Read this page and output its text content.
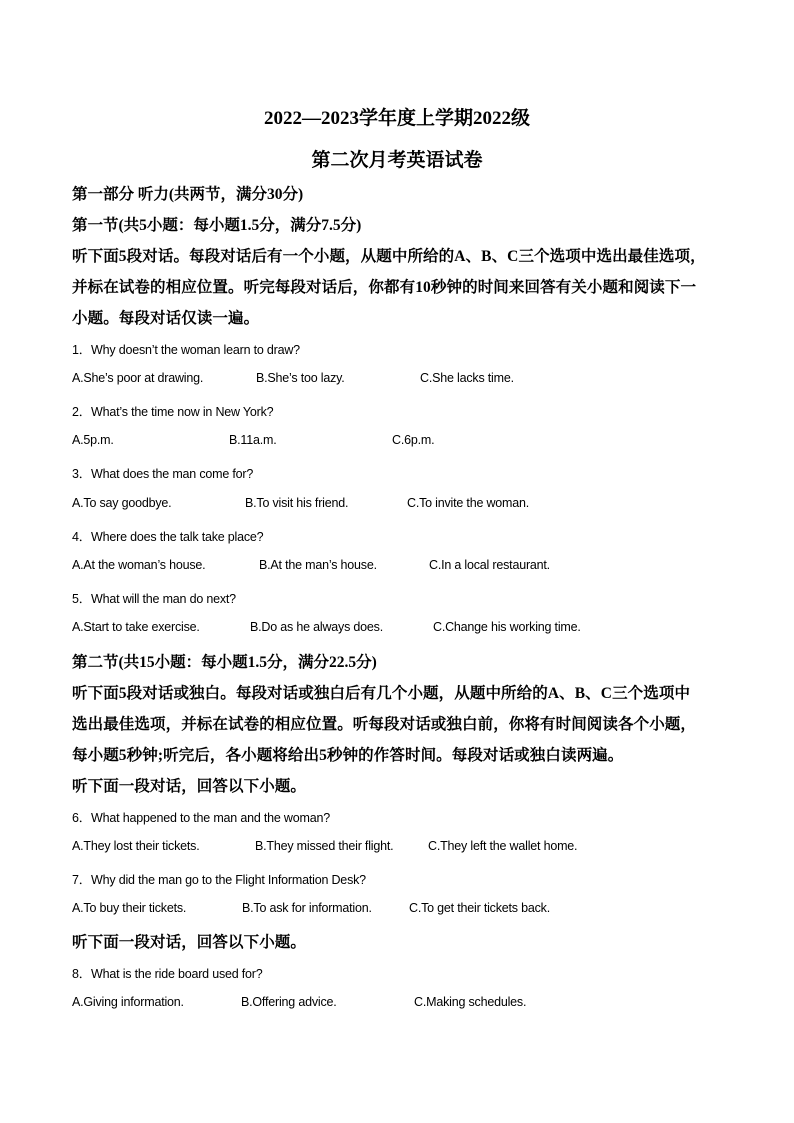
2022—2023学年度上学期2022级
第二次月考英语试卷
第一部分 听力(共两节，满分30分)
第一节(共5小题：每小题1.5分，满分7.5分)
听下面5段对话。每段对话后有一个小题，从题中所给的A、B、C三个选项中选出最佳选项，
并标在试卷的相应位置。听完每段对话后，你都有10秒钟的时间来回答有关小题和阅读下一
小题。每段对话仅读一遍。
1．Why doesn’t the woman learn to draw?
A.She’s poor at drawing.	B.She’s too lazy.	C.She lacks time.
2．What’s the time now in New York?
A.5p.m.	B.11a.m.	C.6p.m.
3．What does the man come for?
A.To say goodbye.	B.To visit his friend.	C.To invite the woman.
4．Where does the talk take place?
A.At the woman’s house.	B.At the man’s house.	C.In a local restaurant.
5．What will the man do next?
A.Start to take exercise.	B.Do as he always does.	C.Change his working time.
第二节(共15小题：每小题1.5分，满分22.5分)
听下面5段对话或独白。每段对话或独白后有几个小题，从题中所给的A、B、C三个选项中
选出最佳选项，并标在试卷的相应位置。听每段对话或独白前，你将有时间阅读各个小题，
每小题5秒钟;听完后，各小题将给出5秒钟的作答时间。每段对话或独白读两遍。
听下面一段对话，回答以下小题。
6．What happened to the man and the woman?
A.They lost their tickets.	B.They missed their flight.	C.They left the wallet home.
7．Why did the man go to the Flight Information Desk?
A.To buy their tickets.	B.To ask for information.	C.To get their tickets back.
听下面一段对话，回答以下小题。
8．What is the ride board used for?
A.Giving information.	B.Offering advice.	C.Making schedules.
